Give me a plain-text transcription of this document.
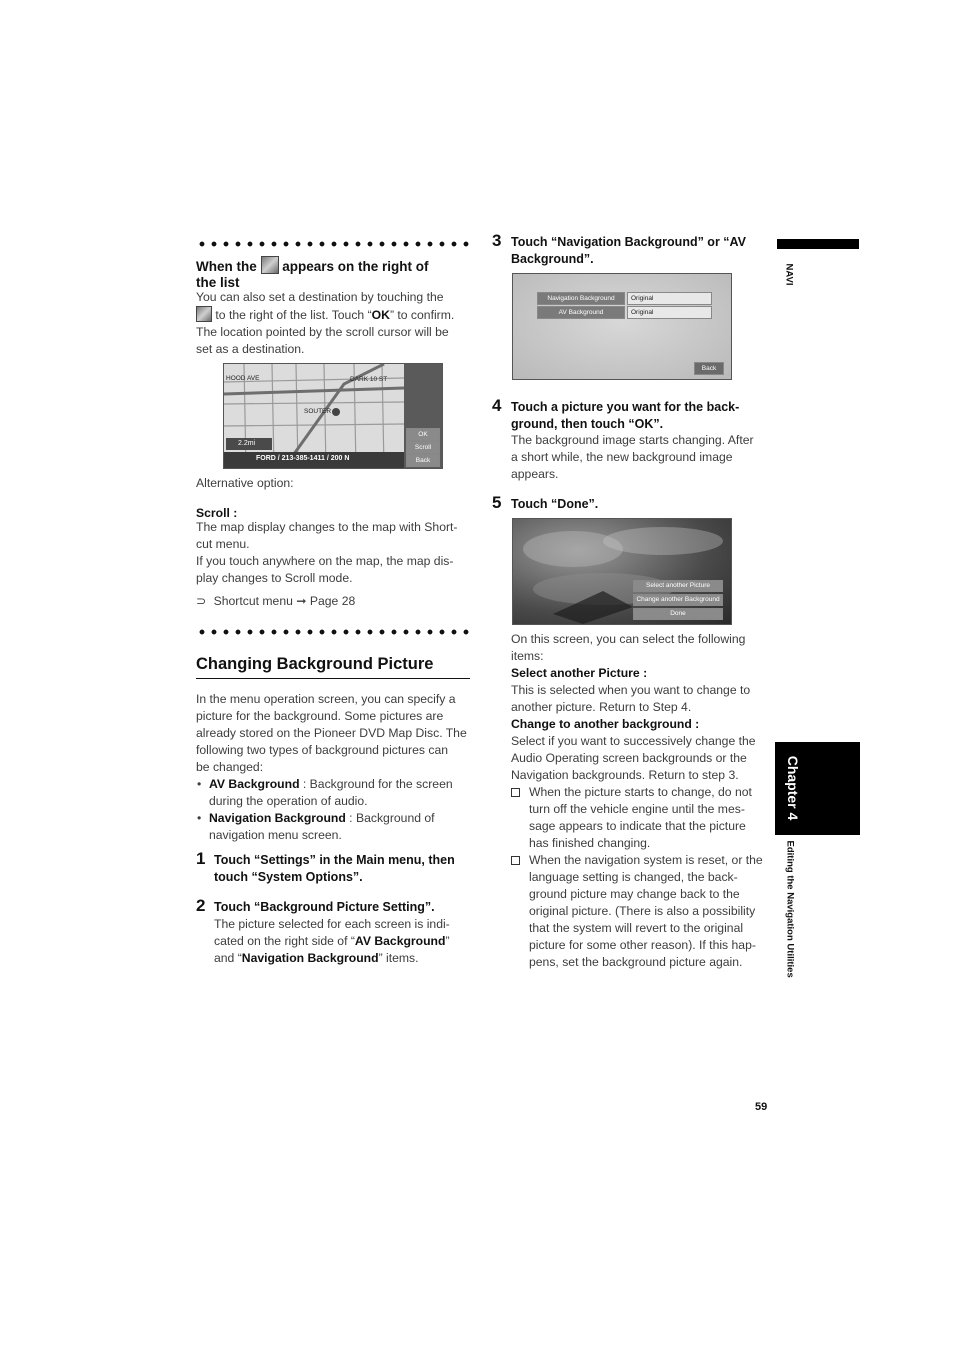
When the appears on the right of
the list
You can also set a destination by touching the
to the right of the list. Touch “OK” to confirm.
The location pointed by the scroll cursor will be
set as a destination.
HOOD AVE	DARK 10 ST
SOUTER
2.2mi
FORD / 213-385-1411 / 200 N
OK
Scroll
Back
Alternative option:
Scroll :
The map display changes to the map with Short-
cut menu.
If you touch anywhere on the map, the map dis-
play changes to Scroll mode.
⊃ Shortcut menu ➞ Page 28
Changing Background Picture
In the menu operation screen, you can specify a
picture for the background. Some pictures are
already stored on the Pioneer DVD Map Disc. The
following two types of background pictures can
be changed:
• AV Background : Background for the screen
during the operation of audio.
• Navigation Background : Background of
navigation menu screen.
1 Touch “Settings” in the Main menu, then
touch “System Options”.
2 Touch “Background Picture Setting”.
The picture selected for each screen is indi-
cated on the right side of “AV Background”
and “Navigation Background” items.
3 Touch “Navigation Background” or “AV
Background”.
Navigation Background	Original
AV Background	Original
Back
4 Touch a picture you want for the back-
ground, then touch “OK”.
The background image starts changing. After
a short while, the new background image
appears.
5 Touch “Done”.
Select another Picture
Change another Background
Done
On this screen, you can select the following
items:
Select another Picture :
This is selected when you want to change to
another picture. Return to Step 4.
Change to another background :
Select if you want to successively change the
Audio Operating screen backgrounds or the
Navigation backgrounds. Return to step 3.
When the picture starts to change, do not
turn off the vehicle engine until the mes-
sage appears to indicate that the picture
has finished changing.
When the navigation system is reset, or the
language setting is changed, the back-
ground picture may change back to the
original picture. (There is also a possibility
that the system will revert to the original
picture for some other reason). If this hap-
pens, set the background picture again.
NAVI
Chapter 4
Editing the Navigation Utilities
59
